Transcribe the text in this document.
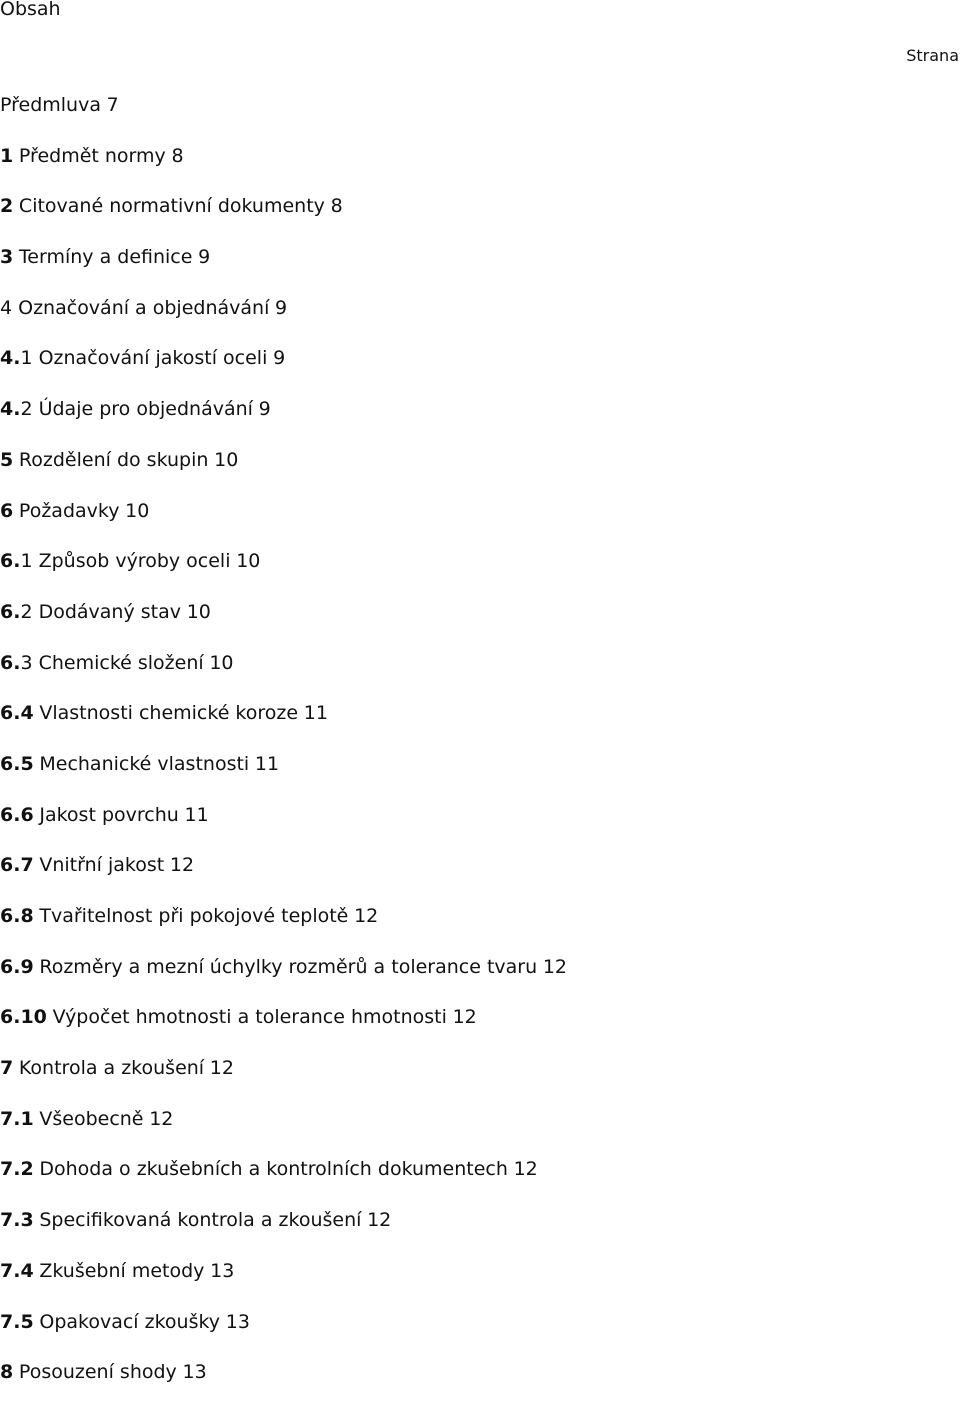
Obsah
Strana
Předmluva 7
1 Předmět normy 8
2 Citované normativní dokumenty 8
3 Termíny a definice 9
4 Označování a objednávání 9
4.1 Označování jakostí oceli 9
4.2 Údaje pro objednávání 9
5 Rozdělení do skupin 10
6 Požadavky 10
6.1 Způsob výroby oceli 10
6.2 Dodávaný stav 10
6.3 Chemické složení 10
6.4 Vlastnosti chemické koroze 11
6.5 Mechanické vlastnosti 11
6.6 Jakost povrchu 11
6.7 Vnitřní jakost 12
6.8 Tvařitelnost při pokojové teplotě 12
6.9 Rozměry a mezní úchylky rozměrů a tolerance tvaru 12
6.10 Výpočet hmotnosti a tolerance hmotnosti 12
7 Kontrola a zkoušení 12
7.1 Všeobecně 12
7.2 Dohoda o zkušebních a kontrolních dokumentech 12
7.3 Specifikovaná kontrola a zkoušení 12
7.4 Zkušební metody 13
7.5 Opakovací zkoušky 13
8 Posouzení shody 13
